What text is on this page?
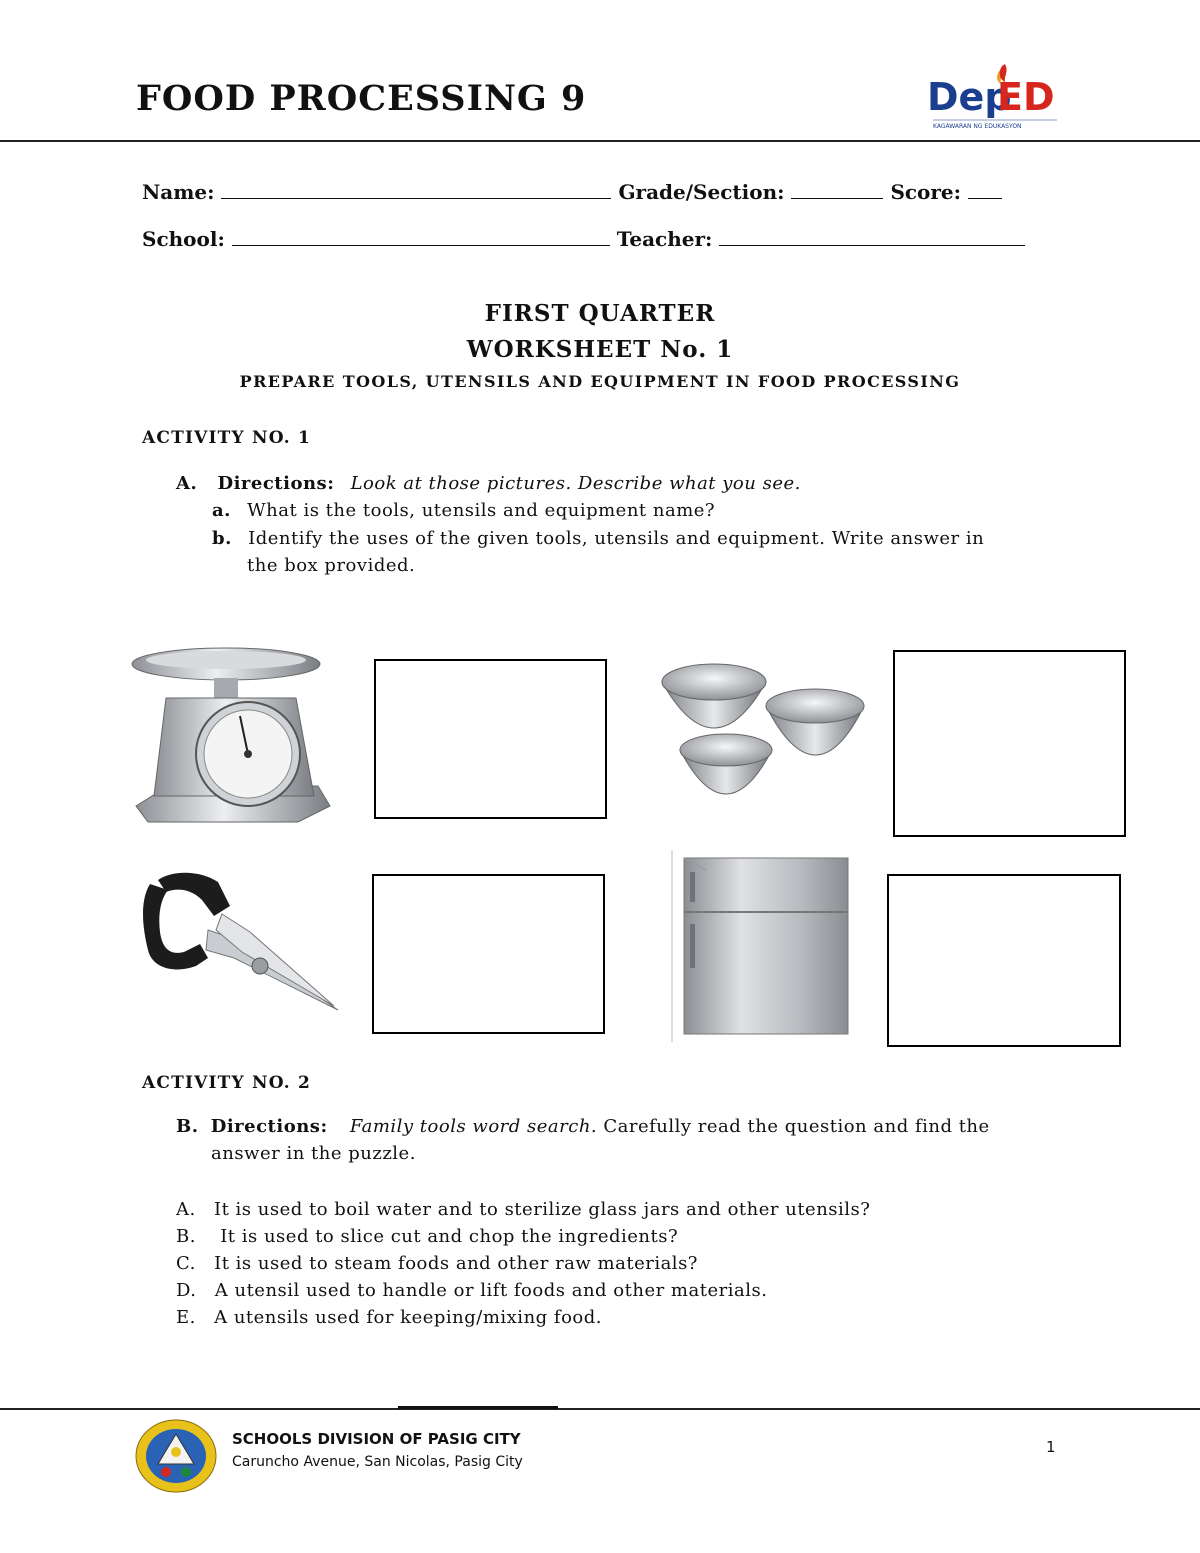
FOOD PROCESSING 9	Dep
ED
KAGAWARAN NG EDUKASYON
Name:	Grade/Section:	Score:
School:	Teacher:
FIRST QUARTER
WORKSHEET No. 1
PREPARE TOOLS, UTENSILS AND EQUIPMENT IN FOOD PROCESSING
ACTIVITY NO. 1
A. Directions: Look at those pictures. Describe what you see.
a. What is the tools, utensils and equipment name?
b. Identify the uses of the given tools, utensils and equipment. Write answer in
the box provided.
ACTIVITY NO. 2
B. Directions: Family tools word search. Carefully read the question and find the
answer in the puzzle.
A. It is used to boil water and to sterilize glass jars and other utensils?
B. It is used to slice cut and chop the ingredients?
C. It is used to steam foods and other raw materials?
D. A utensil used to handle or lift foods and other materials.
E. A utensils used for keeping/mixing food.
SCHOOLS DIVISION OF PASIG CITY
Caruncho Avenue, San Nicolas, Pasig City
1
